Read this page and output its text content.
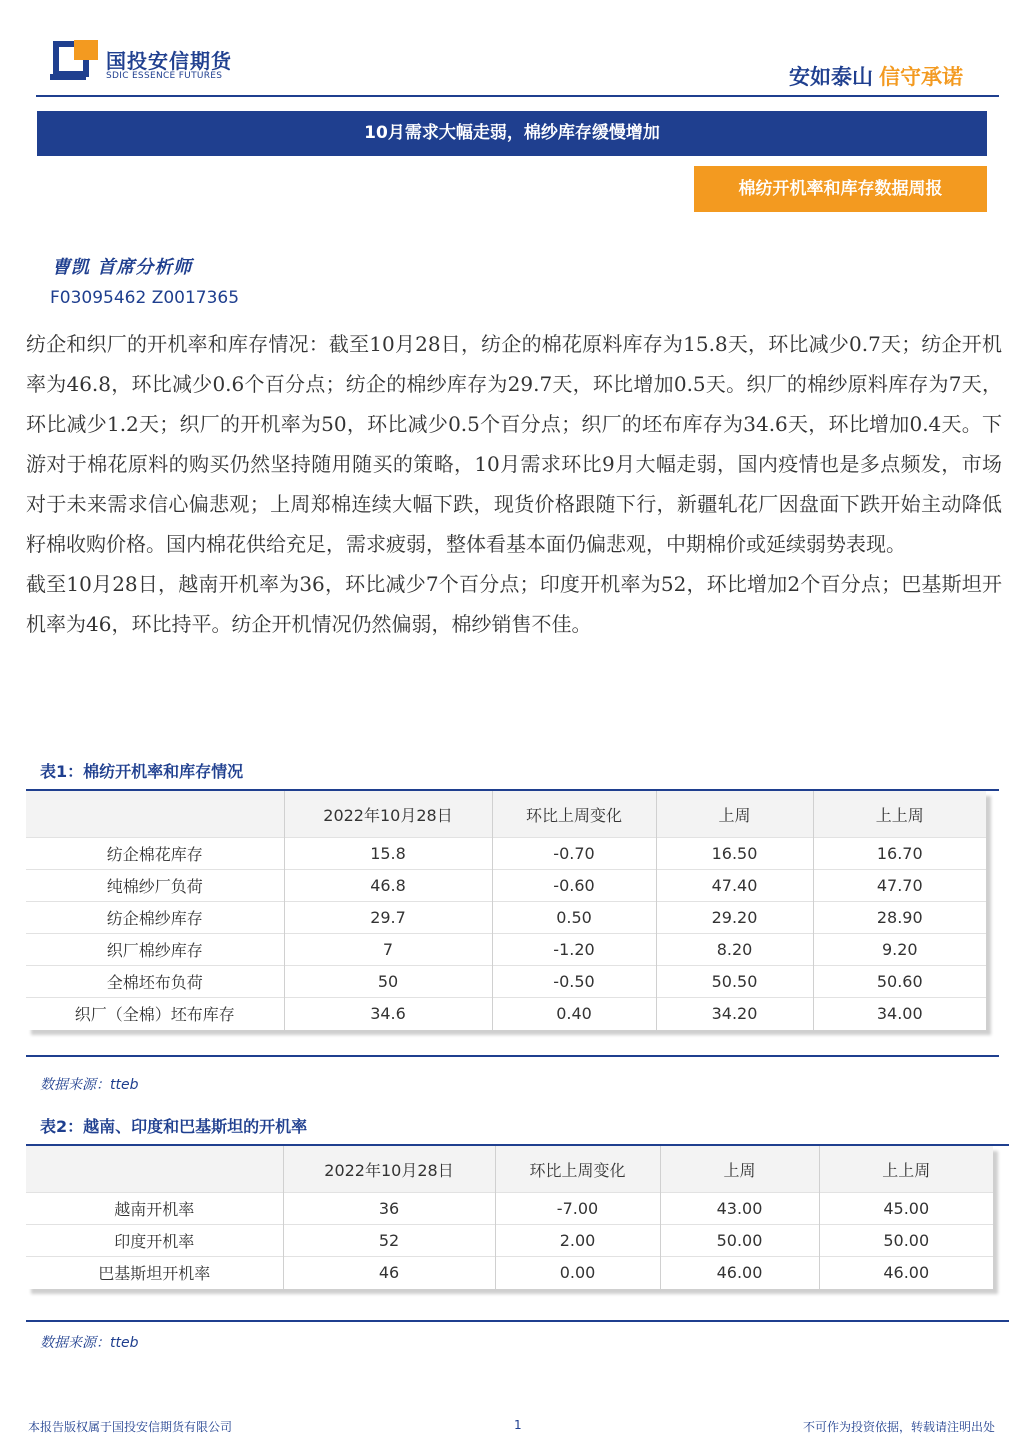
国投安信期货
SDIC ESSENCE FUTURES	安如泰山 信守承诺
10月需求大幅走弱，棉纱库存缓慢增加
棉纺开机率和库存数据周报
曹凯 首席分析师
F03095462 Z0017365

纺企和织厂的开机率和库存情况：截至10月28日，纺企的棉花原料库存为15.8天，环比减少0.7天；纺企开机率为46.8，环比减少0.6个百分点；纺企的棉纱库存为29.7天，环比增加0.5天。织厂的棉纱原料库存为7天，环比减少1.2天；织厂的开机率为50，环比减少0.5个百分点；织厂的坯布库存为34.6天，环比增加0.4天。下游对于棉花原料的购买仍然坚持随用随买的策略，10月需求环比9月大幅走弱，国内疫情也是多点频发，市场对于未来需求信心偏悲观；上周郑棉连续大幅下跌，现货价格跟随下行，新疆轧花厂因盘面下跌开始主动降低籽棉收购价格。国内棉花供给充足，需求疲弱，整体看基本面仍偏悲观，中期棉价或延续弱势表现。

截至10月28日，越南开机率为36，环比减少7个百分点；印度开机率为52，环比增加2个百分点；巴基斯坦开机率为46，环比持平。纺企开机情况仍然偏弱，棉纱销售不佳。

表1：棉纺开机率和库存情况
	2022年10月28日	环比上周变化	上周	上上周
纺企棉花库存	15.8	-0.70	16.50	16.70
纯棉纱厂负荷	46.8	-0.60	47.40	47.70
纺企棉纱库存	29.7	0.50	29.20	28.90
织厂棉纱库存	7	-1.20	8.20	9.20
全棉坯布负荷	50	-0.50	50.50	50.60
织厂（全棉）坯布库存	34.6	0.40	34.20	34.00
数据来源：tteb
表2：越南、印度和巴基斯坦的开机率
	2022年10月28日	环比上周变化	上周	上上周
越南开机率	36	-7.00	43.00	45.00
印度开机率	52	2.00	50.00	50.00
巴基斯坦开机率	46	0.00	46.00	46.00
数据来源：tteb
本报告版权属于国投安信期货有限公司	1	不可作为投资依据，转载请注明出处
